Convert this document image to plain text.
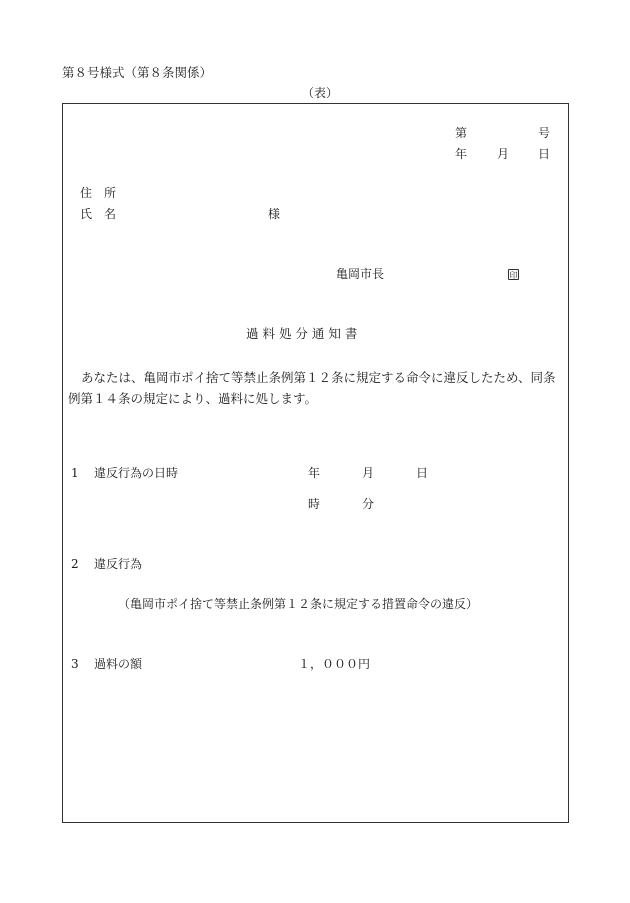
第８号様式（第８条関係）
（表）
第	号
年 月 日
住　所
氏　名	様
亀岡市長	印
過 料 処 分 通 知 書
あなたは、亀岡市ポイ捨て等禁止条例第１２条に規定する命令に違反したため、同条例第１４条の規定により、過料に処します。
1 違反行為の日時	年	月	日
時	分
2 違反行為
（亀岡市ポイ捨て等禁止条例第１２条に規定する措置命令の違反）
3 過料の額	１，０００円
